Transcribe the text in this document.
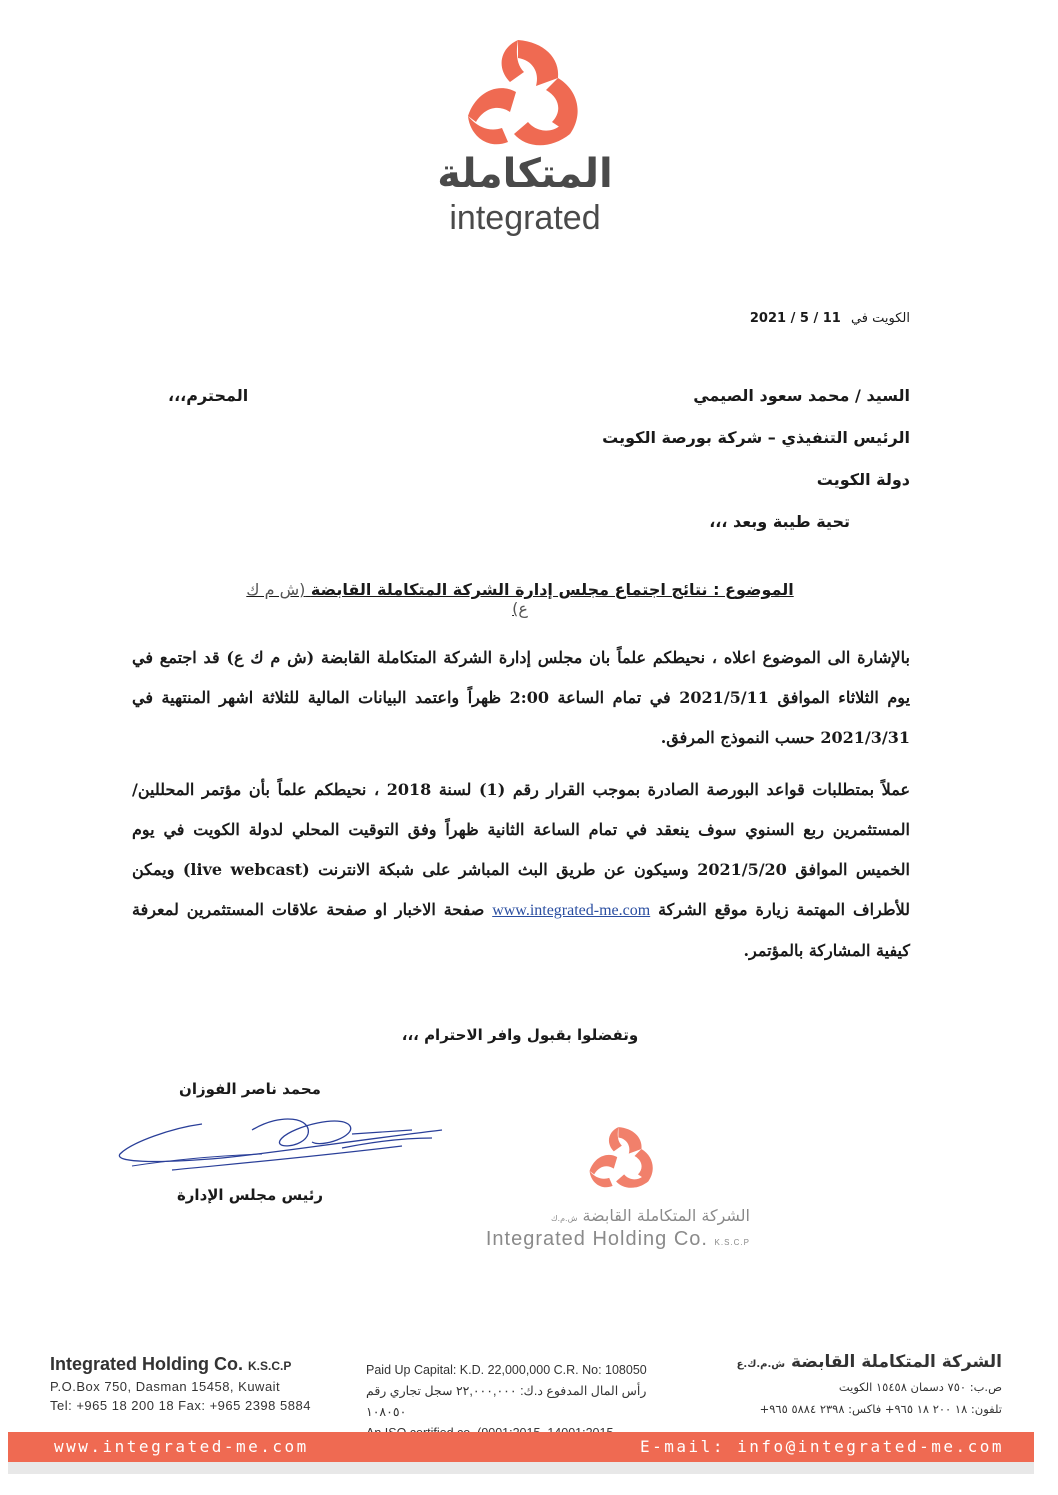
المتكاملة
integrated
الكويت في 2021 / 5 / 11
السيد / محمد سعود الصيمي
المحترم،،،
الرئيس التنفيذي – شركة بورصة الكويت
دولة الكويت
تحية طيبة وبعد ،،،
الموضوع : نتائج اجتماع مجلس إدارة الشركة المتكاملة القابضة (ش م ك ع)
بالإشارة الى الموضوع اعلاه ، نحيطكم علماً بان مجلس إدارة الشركة المتكاملة القابضة (ش م ك ع) قد اجتمع في يوم الثلاثاء الموافق 2021/5/11 في تمام الساعة 2:00 ظهراً واعتمد البيانات المالية للثلاثة اشهر المنتهية في 2021/3/31 حسب النموذج المرفق.
عملاً بمتطلبات قواعد البورصة الصادرة بموجب القرار رقم (1) لسنة 2018 ، نحيطكم علماً بأن مؤتمر المحللين/المستثمرين ربع السنوي سوف ينعقد في تمام الساعة الثانية ظهراً وفق التوقيت المحلي لدولة الكويت في يوم الخميس الموافق 2021/5/20 وسيكون عن طريق البث المباشر على شبكة الانترنت (live webcast) ويمكن للأطراف المهتمة زيارة موقع الشركة www.integrated-me.com صفحة الاخبار او صفحة علاقات المستثمرين لمعرفة كيفية المشاركة بالمؤتمر.
وتفضلوا بقبول وافر الاحترام ،،،
محمد ناصر الفوزان
رئيس مجلس الإدارة
الشركة المتكاملة القابضة ش.م.ك
Integrated Holding Co. K.S.C.P
Integrated Holding Co. K.S.C.P
P.O.Box 750, Dasman 15458, Kuwait
Tel: +965 18 200 18 Fax: +965 2398 5884
Paid Up Capital: K.D. 22,000,000 C.R. No: 108050
رأس المال المدفوع د.ك: ٢٢,٠٠٠,٠٠٠ سجل تجاري رقم ١٠٨٠٥٠
الشركة المتكاملة القابضة ش.م.ك.ع
ص.ب: ٧٥٠ دسمان ١٥٤٥٨ الكويت
تلفون: ١٨ ٢٠٠ ١٨ ٩٦٥+ فاكس: ٢٣٩٨ ٥٨٨٤ ٩٦٥+
www.integrated-me.com	E-mail: info@integrated-me.com
